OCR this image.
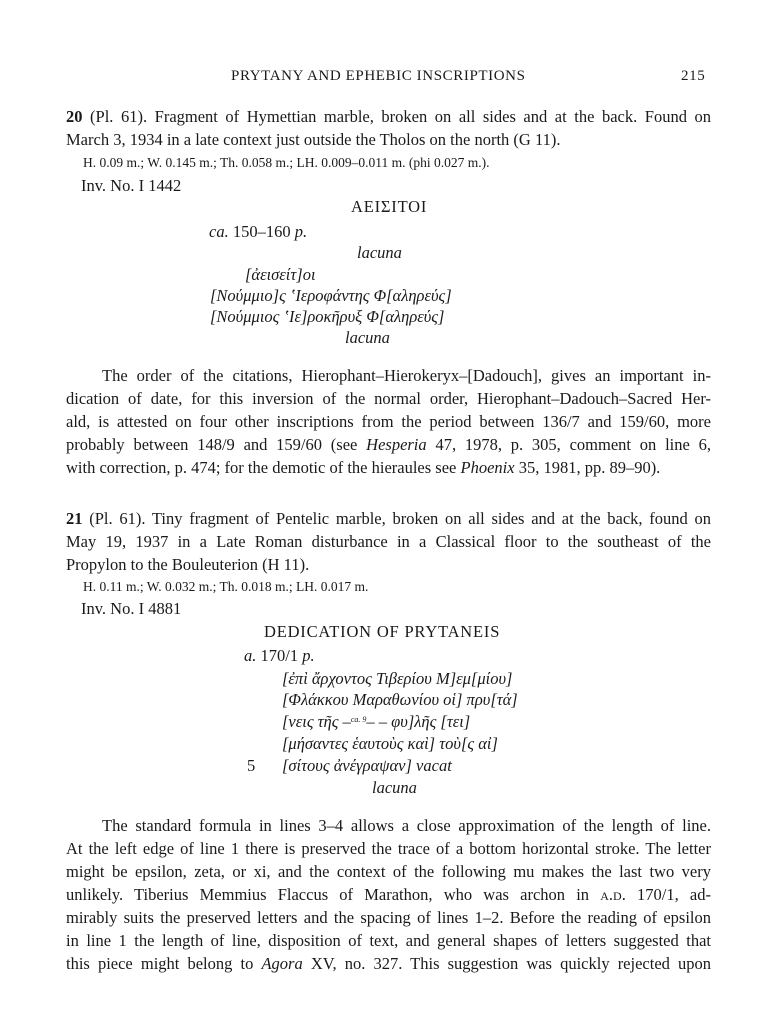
PRYTANY AND EPHEBIC INSCRIPTIONS	215
20 (Pl. 61). Fragment of Hymettian marble, broken on all sides and at the back. Found on
March 3, 1934 in a late context just outside the Tholos on the north (G 11).
H. 0.09 m.; W. 0.145 m.; Th. 0.058 m.; LH. 0.009–0.011 m. (phi 0.027 m.).
Inv. No. I 1442
ΑΕΙΣΙΤΟΙ
ca. 150–160 p.
lacuna
[ἀεισείτ]οι
[Νούμμιο]ς ʽΙεροφάντης Φ[αληρεύς]
[Νούμμιος ʽΙε]ροκῆρυξ Φ[αληρεύς]
lacuna
The order of the citations, Hierophant–Hierokeryx–[Dadouch], gives an important in-
dication of date, for this inversion of the normal order, Hierophant–Dadouch–Sacred Her-
ald, is attested on four other inscriptions from the period between 136/7 and 159/60, more
probably between 148/9 and 159/60 (see Hesperia 47, 1978, p. 305, comment on line 6,
with correction, p. 474; for the demotic of the hieraules see Phoenix 35, 1981, pp. 89–90).
21 (Pl. 61). Tiny fragment of Pentelic marble, broken on all sides and at the back, found on
May 19, 1937 in a Late Roman disturbance in a Classical floor to the southeast of the
Propylon to the Bouleuterion (H 11).
H. 0.11 m.; W. 0.032 m.; Th. 0.018 m.; LH. 0.017 m.
Inv. No. I 4881
DEDICATION OF PRYTANEIS
a. 170/1 p.
[ἐπὶ ἄρχοντος Τιβερίου Μ]εμ[μίου]
[Φλάκκου Μαραθωνίου οἱ] πρυ[τά]
[νεις τῆς –$^{ca. 9}$– – φυ]λῆς [τει]
[μήσαντες ἑαυτοὺς καὶ] τοὺ[ς αἰ]
5 [σίτους ἀνέγραψαν] vacat
lacuna
The standard formula in lines 3–4 allows a close approximation of the length of line.
At the left edge of line 1 there is preserved the trace of a bottom horizontal stroke. The letter
might be epsilon, zeta, or xi, and the context of the following mu makes the last two very
unlikely. Tiberius Memmius Flaccus of Marathon, who was archon in a.d. 170/1, ad-
mirably suits the preserved letters and the spacing of lines 1–2. Before the reading of epsilon
in line 1 the length of line, disposition of text, and general shapes of letters suggested that
this piece might belong to Agora XV, no. 327. This suggestion was quickly rejected upon
